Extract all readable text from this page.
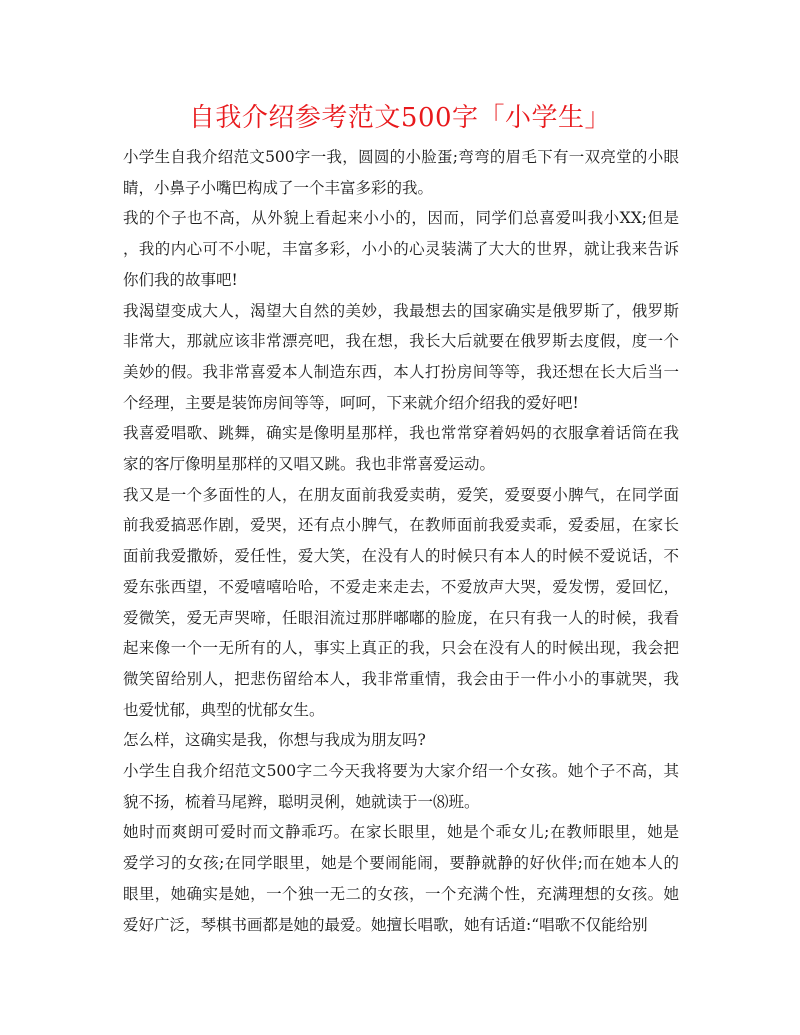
自我介绍参考范文500字「小学生」
小学生自我介绍范文500字一我，圆圆的小脸蛋;弯弯的眉毛下有一双亮堂的小眼
睛，小鼻子小嘴巴构成了一个丰富多彩的我。
我的个子也不高，从外貌上看起来小小的，因而，同学们总喜爱叫我小XX;但是
，我的内心可不小呢，丰富多彩，小小的心灵装满了大大的世界，就让我来告诉
你们我的故事吧!
我渴望变成大人，渴望大自然的美妙，我最想去的国家确实是俄罗斯了，俄罗斯
非常大，那就应该非常漂亮吧，我在想，我长大后就要在俄罗斯去度假，度一个
美妙的假。我非常喜爱本人制造东西，本人打扮房间等等，我还想在长大后当一
个经理，主要是装饰房间等等，呵呵，下来就介绍介绍我的爱好吧!
我喜爱唱歌、跳舞，确实是像明星那样，我也常常穿着妈妈的衣服拿着话筒在我
家的客厅像明星那样的又唱又跳。我也非常喜爱运动。
我又是一个多面性的人，在朋友面前我爱卖萌，爱笑，爱耍耍小脾气，在同学面
前我爱搞恶作剧，爱哭，还有点小脾气，在教师面前我爱卖乖，爱委屈，在家长
面前我爱撒娇，爱任性，爱大笑，在没有人的时候只有本人的时候不爱说话，不
爱东张西望，不爱嘻嘻哈哈，不爱走来走去，不爱放声大哭，爱发愣，爱回忆，
爱微笑，爱无声哭啼，任眼泪流过那胖嘟嘟的脸庞，在只有我一人的时候，我看
起来像一个一无所有的人，事实上真正的我，只会在没有人的时候出现，我会把
微笑留给别人，把悲伤留给本人，我非常重情，我会由于一件小小的事就哭，我
也爱忧郁，典型的忧郁女生。
怎么样，这确实是我，你想与我成为朋友吗?
小学生自我介绍范文500字二今天我将要为大家介绍一个女孩。她个子不高，其
貌不扬，梳着马尾辫，聪明灵俐，她就读于一⑻班。
她时而爽朗可爱时而文静乖巧。在家长眼里，她是个乖女儿;在教师眼里，她是
爱学习的女孩;在同学眼里，她是个要闹能闹，要静就静的好伙伴;而在她本人的
眼里，她确实是她，一个独一无二的女孩，一个充满个性，充满理想的女孩。她
爱好广泛，琴棋书画都是她的最爱。她擅长唱歌，她有话道:“唱歌不仅能给别
